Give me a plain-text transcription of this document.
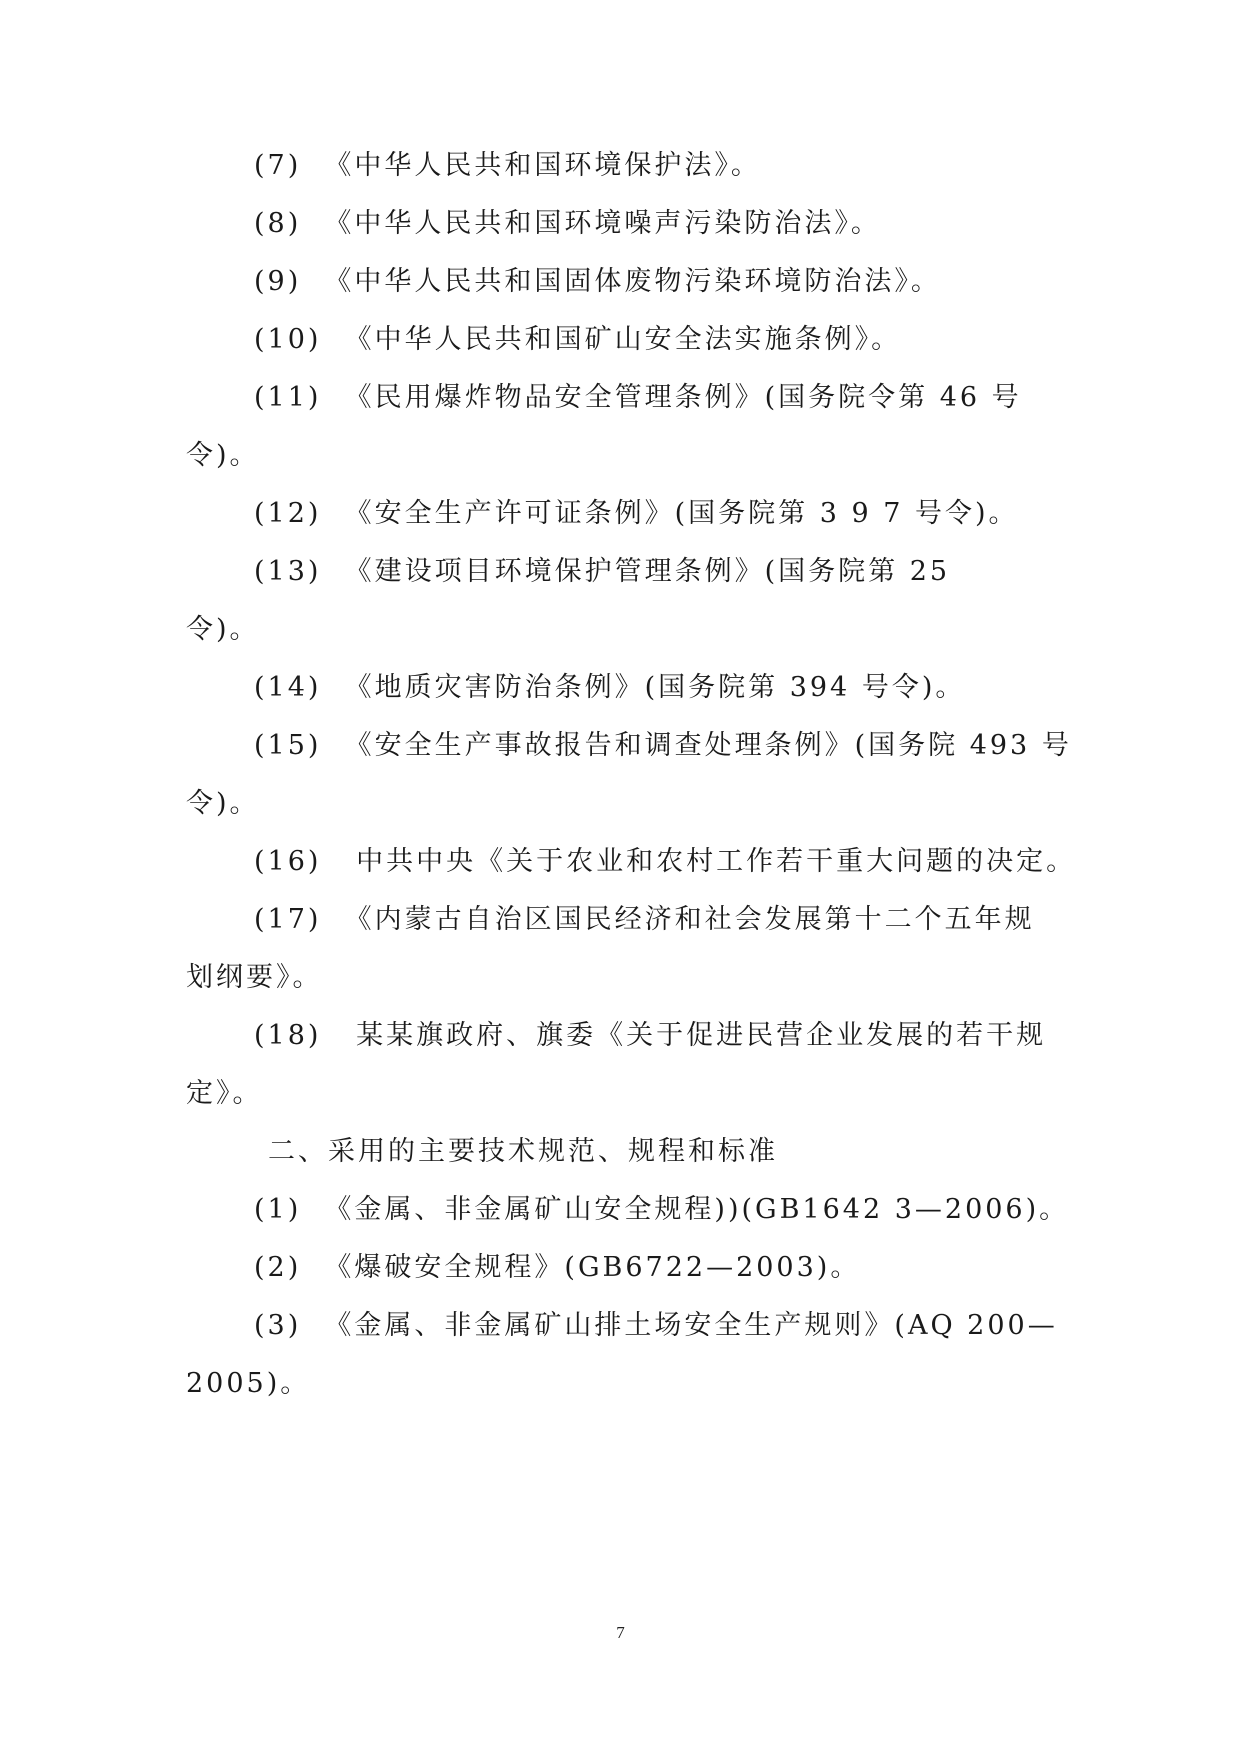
(7)  《中华人民共和国环境保护法》。
(8)  《中华人民共和国环境噪声污染防治法》。
(9)  《中华人民共和国固体废物污染环境防治法》。
(10)  《中华人民共和国矿山安全法实施条例》。
(11)  《民用爆炸物品安全管理条例》(国务院令第 46 号
令)。
(12)  《安全生产许可证条例》(国务院第 3 9 7 号令)。
(13)  《建设项目环境保护管理条例》(国务院第 25
令)。
(14)  《地质灾害防治条例》(国务院第 394 号令)。
(15)  《安全生产事故报告和调查处理条例》(国务院 493 号
令)。
(16)   中共中央《关于农业和农村工作若干重大问题的决定。
(17)  《内蒙古自治区国民经济和社会发展第十二个五年规
划纲要》。
(18)   某某旗政府、旗委《关于促进民营企业发展的若干规
定》。
二、采用的主要技术规范、规程和标准
(1)  《金属、非金属矿山安全规程))(GB1642 3—2006)。
(2)  《爆破安全规程》(GB6722—2003)。
(3)  《金属、非金属矿山排土场安全生产规则》(AQ 200—
2005)。
7
